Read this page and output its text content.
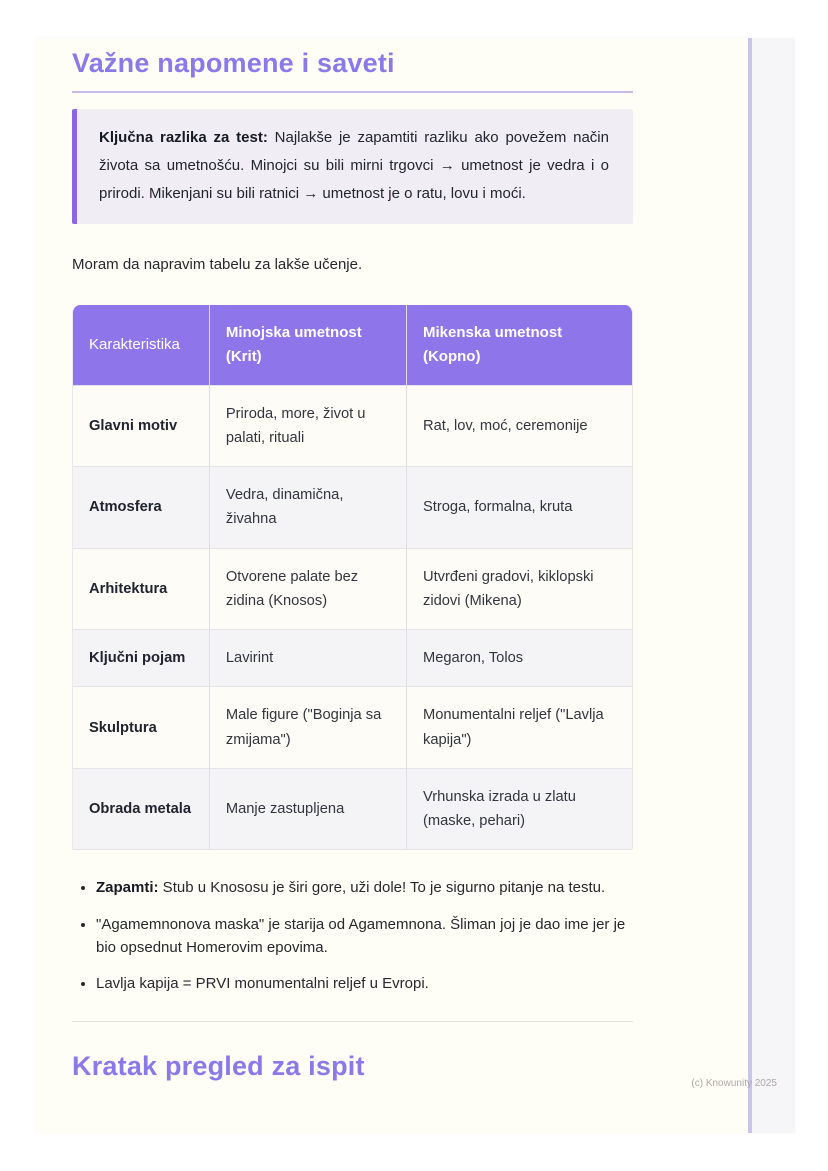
Važne napomene i saveti
Ključna razlika za test: Najlakše je zapamtiti razliku ako povežem način života sa umetnošću. Minojci su bili mirni trgovci → umetnost je vedra i o prirodi. Mikenjani su bili ratnici → umetnost je o ratu, lovu i moći.

Moram da napravim tabelu za lakše učenje.

Karakteristika	Minojska umetnost (Krit)	Mikenska umetnost (Kopno)
Glavni motiv	Priroda, more, život u palati, rituali	Rat, lov, moć, ceremonije
Atmosfera	Vedra, dinamična, živahna	Stroga, formalna, kruta
Arhitektura	Otvorene palate bez zidina (Knosos)	Utvrđeni gradovi, kiklopski zidovi (Mikena)
Ključni pojam	Lavirint	Megaron, Tolos
Skulptura	Male figure ("Boginja sa zmijama")	Monumentalni reljef ("Lavlja kapija")
Obrada metala	Manje zastupljena	Vrhunska izrada u zlatu (maske, pehari)
• Zapamti: Stub u Knososu je širi gore, uži dole! To je sigurno pitanje na testu.
• "Agamemnonova maska" je starija od Agamemnona. Šliman joj je dao ime jer je bio opsednut Homerovim epovima.
• Lavlja kapija = PRVI monumentalni reljef u Evropi.
Kratak pregled za ispit
(c) Knowunity 2025
